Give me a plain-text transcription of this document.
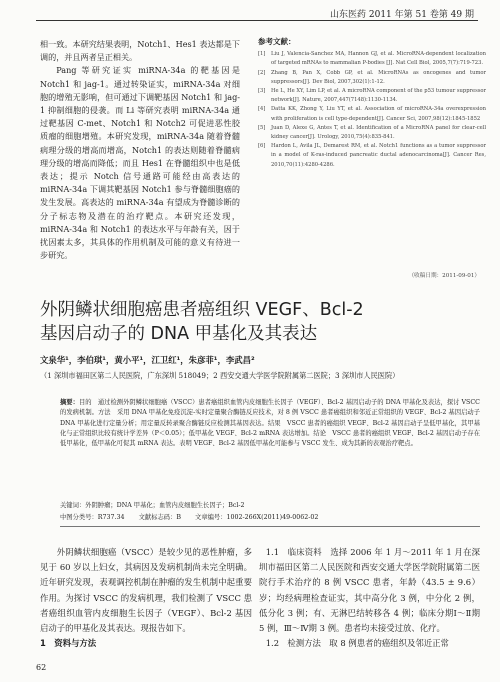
山东医药 2011 年第 51 卷第 49 期

相一致。本研究结果表明，Notch1、Hes1 表达都是下调的，并且两者呈正相关。

Pang 等研究证实 miRNA-34a 的靶基因是 Notch1 和 jag-1。通过转染证实，miRNA-34a 对细胞的增殖无影响，但可通过下调靶基因 Notch1 和 jag-1 抑制细胞的侵袭。而 Li 等研究表明 miRNA-34a 通过靶基因 C-met、Notch1 和 Notch2 可促进恶性胶质瘤的细胞增殖。本研究发现，miRNA-34a 随着脊髓病理分级的增高而增高，Notch1 的表达则随着脊髓病理分级的增高而降低；而且 Hes1 在脊髓组织中也是低表达；提示 Notch 信号通路可能经由高表达的 miRNA-34a 下调其靶基因 Notch1 参与脊髓细胞癌的发生发展。高表达的 miRNA-34a 有望成为脊髓诊断的分子标志物及潜在的治疗靶点。本研究还发现，miRNA-34a 和 Notch1 的表达水平与年龄有关，因于扰因素太多，其具体的作用机制及可能的意义有待进一步研究。

参考文献：
[1]	Liu J, Valencia-Sanchez MA, Hannon GJ, et al. MicroRNA-dependent localization of targeted mRNAs to mammalian P-bodies [J]. Nat Cell Biol, 2005,7(7):719-723.
[2]	Zhang B, Pan X, Cobb GP, et al. MicroRNAs as oncogenes and tumor suppressors[J]. Dev Biol, 2007,302(1):1-12.
[3]	He L, He XY, Lim LP, et al. A microRNA component of the p53 tumour suppressor network[J]. Nature, 2007,447(7148):1130-1134.
[4]	Datta KK, Zhong Y, Liu YT, et al. Association of microRNA-34a overexpression with proliferation is cell type-dependent[J]. Cancer Sci, 2007,98(12):1845-1852
[5]	Juan D, Alexe G, Antes T, et al. Identification of a MicroRNA panel for clear-cell kidney cancer[J]. Urology, 2010,75(4):835-841.
[6]	Hardon L, Avila JL, Demarest RM, et al. Notch1 functions as a tumor suppressor in a model of K-ras-induced pancreatic ductal adenocarcinoma[J]. Cancer Res, 2010,70(11):4280-4286.
（收稿日期：2011-09-01）
外阴鳞状细胞癌患者癌组织 VEGF、Bcl-2
基因启动子的 DNA 甲基化及其表达
文泉华¹，李伯琪¹，黄小平¹，江卫红¹，朱彦菲¹，李武昌²
（1 深圳市福田区第二人民医院，广东深圳 518049；2 西安交通大学医学院附属第二医院；3 深圳市人民医院）
摘要：目的　通过检测外阴鳞状细胞癌（VSCC）患者癌组织血管内皮细胞生长因子（VEGF）、Bcl-2 基因启动子的 DNA 甲基化及表达，探讨 VSCC 的发病机制。方法　采用 DNA 甲基化免疫沉淀-实时定量聚合酶链反应技术，对 8 例 VSCC 患者癌组织和邻近正常组织的 VEGF、Bcl-2 基因启动子 DNA 甲基化进行定量分析；用定量反转录聚合酶链反应检测其基因表达。结果　VSCC 患者的癌组织 VEGF、Bcl-2 基因启动子呈低甲基化，其甲基化与正常组织比较有统计学差异（P＜0.05）；低甲基化 VEGF、Bcl-2 mRNA 表达增加。结论　VSCC 患者的癌组织 VEGF、Bcl-2 基因启动子存在低甲基化，低甲基化可促其 mRNA 表达。表明 VEGF、Bcl-2 基因低甲基化可能参与 VSCC 发生、成为其新的表观治疗靶点。
关键词：外阴肿瘤；DNA 甲基化；血管内皮细胞生长因子；Bcl-2
中图分类号：R737.34 文献标志码：B 文章编号：1002-266X(2011)49-0062-02

外阴鳞状细胞癌（VSCC）是较少见的恶性肿瘤，多见于 60 岁以上妇女，其病因及发病机制尚未完全明确。近年研究发现，表观调控机制在肿瘤的发生机制中起重要作用。为探讨 VSCC 的发病机理，我们检测了 VSCC 患者癌组织血管内皮细胞生长因子（VEGF）、Bcl-2 基因启动子的甲基化及其表达。现报告如下。

1　资料与方法

1.1　临床资料　选择 2006 年 1 月～2011 年 1 月在深圳市福田区第二人民医院和西安交通大学医学院附属第二医院行手术治疗的 8 例 VSCC 患者，年龄（43.5 ± 9.6）岁；均经病理检查证实，其中高分化 3 例，中分化 2 例，低分化 3 例；有、无淋巴结转移各 4 例；临床分期Ⅰ～Ⅱ期 5 例，Ⅲ～Ⅳ期 3 例。患者均未接受过放、化疗。

1.2　检测方法　取 8 例患者的癌组织及邻近正常

62
